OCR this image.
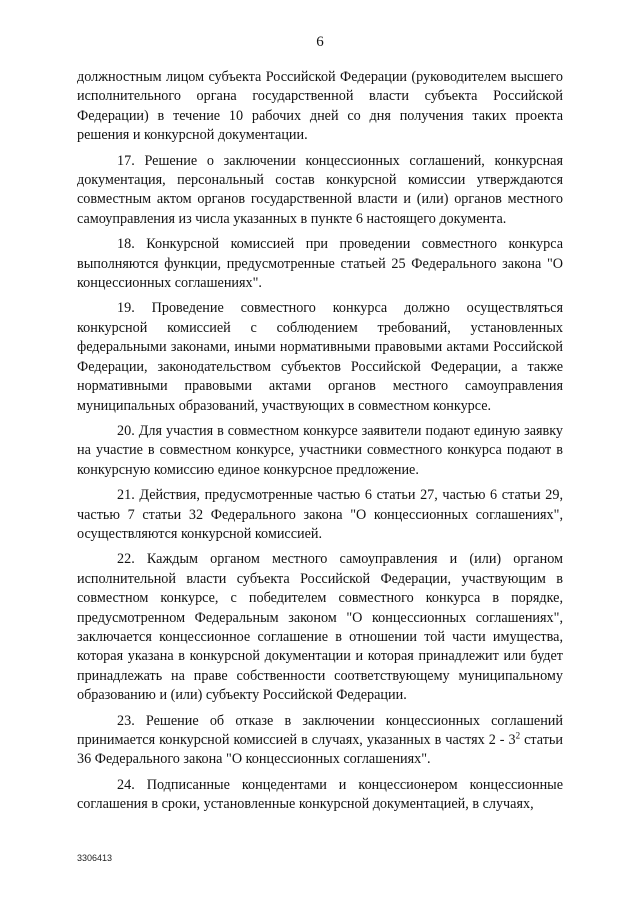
6

должностным лицом субъекта Российской Федерации (руководителем высшего исполнительного органа государственной власти субъекта Российской Федерации) в течение 10 рабочих дней со дня получения таких проекта решения и конкурсной документации.

17. Решение о заключении концессионных соглашений, конкурсная документация, персональный состав конкурсной комиссии утверждаются совместным актом органов государственной власти и (или) органов местного самоуправления из числа указанных в пункте 6 настоящего документа.

18. Конкурсной комиссией при проведении совместного конкурса выполняются функции, предусмотренные статьей 25 Федерального закона "О концессионных соглашениях".

19. Проведение совместного конкурса должно осуществляться конкурсной комиссией с соблюдением требований, установленных федеральными законами, иными нормативными правовыми актами Российской Федерации, законодательством субъектов Российской Федерации, а также нормативными правовыми актами органов местного самоуправления муниципальных образований, участвующих в совместном конкурсе.

20. Для участия в совместном конкурсе заявители подают единую заявку на участие в совместном конкурсе, участники совместного конкурса подают в конкурсную комиссию единое конкурсное предложение.

21. Действия, предусмотренные частью 6 статьи 27, частью 6 статьи 29, частью 7 статьи 32 Федерального закона "О концессионных соглашениях", осуществляются конкурсной комиссией.

22. Каждым органом местного самоуправления и (или) органом исполнительной власти субъекта Российской Федерации, участвующим в совместном конкурсе, с победителем совместного конкурса в порядке, предусмотренном Федеральным законом "О концессионных соглашениях", заключается концессионное соглашение в отношении той части имущества, которая указана в конкурсной документации и которая принадлежит или будет принадлежать на праве собственности соответствующему муниципальному образованию и (или) субъекту Российской Федерации.

23. Решение об отказе в заключении концессионных соглашений принимается конкурсной комиссией в случаях, указанных в частях $2 - 3^2$ статьи 36 Федерального закона "О концессионных соглашениях".

24. Подписанные концедентами и концессионером концессионные соглашения в сроки, установленные конкурсной документацией, в случаях,

3306413
